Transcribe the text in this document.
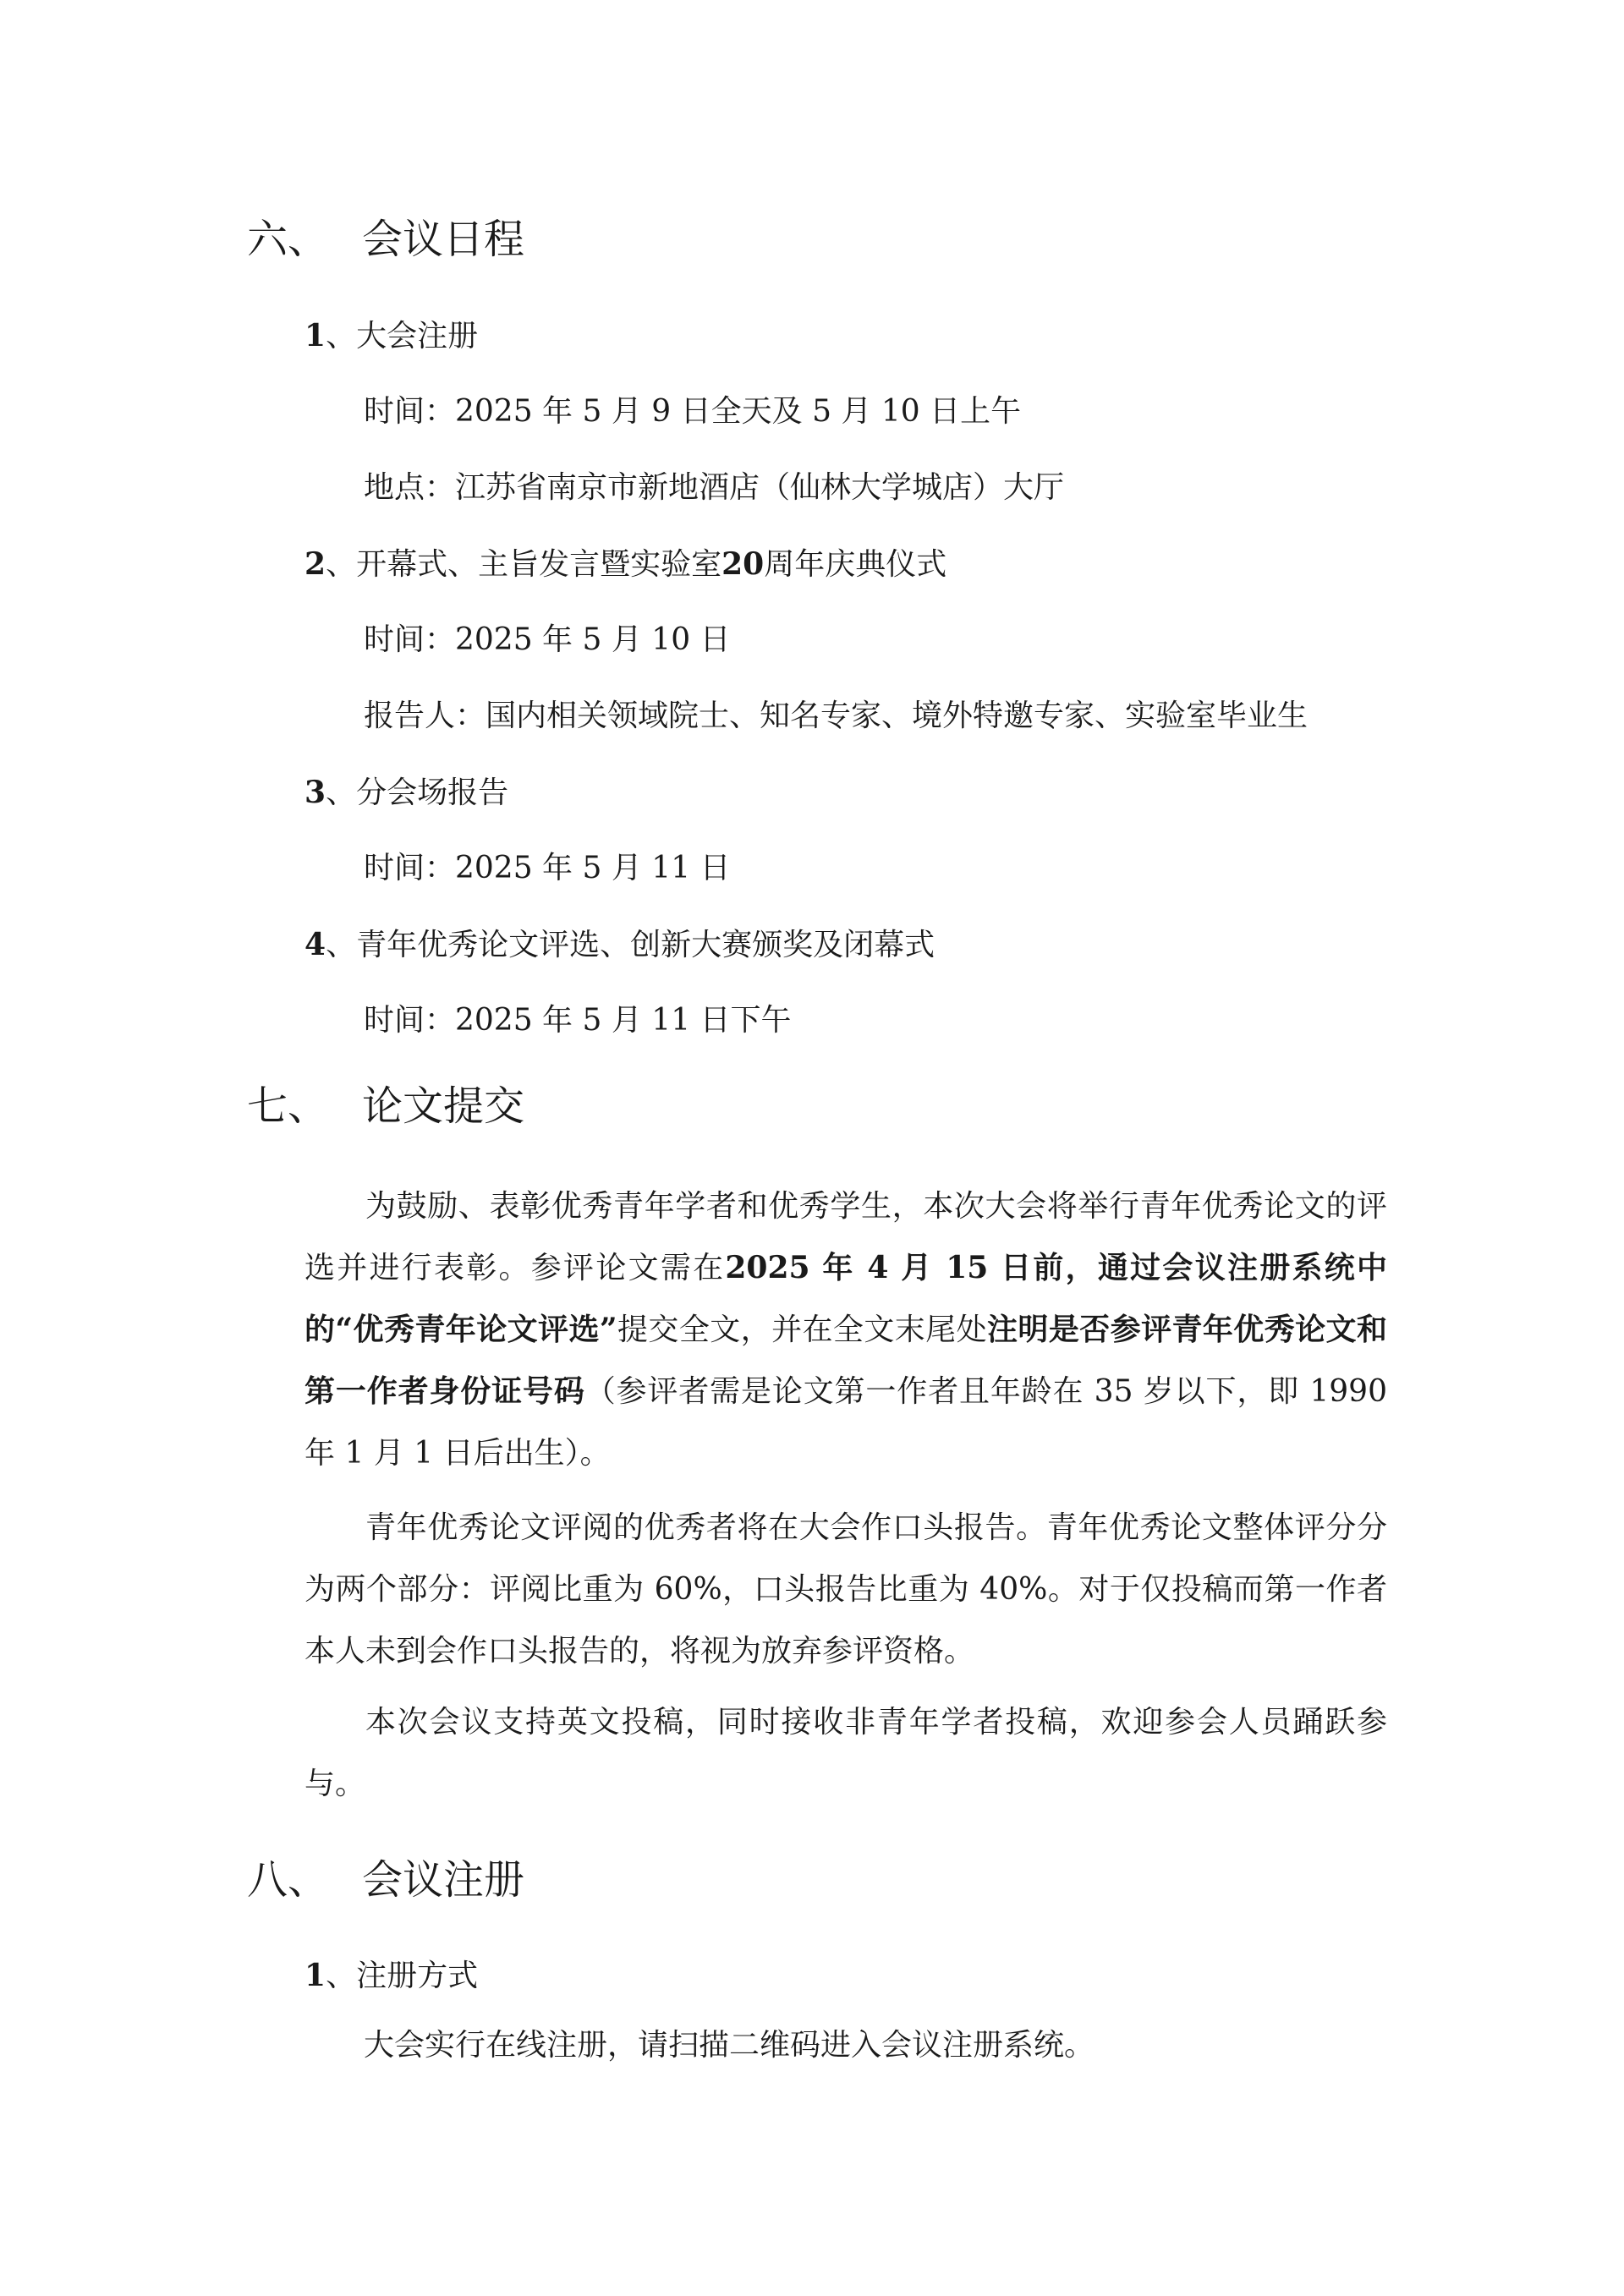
六、 会议日程
1、大会注册
时间：2025 年 5 月 9 日全天及 5 月 10 日上午
地点：江苏省南京市新地酒店（仙林大学城店）大厅
2、开幕式、主旨发言暨实验室20周年庆典仪式
时间：2025 年 5 月 10 日
报告人：国内相关领域院士、知名专家、境外特邀专家、实验室毕业生
3、分会场报告
时间：2025 年 5 月 11 日
4、青年优秀论文评选、创新大赛颁奖及闭幕式
时间：2025 年 5 月 11 日下午
七、 论文提交

为鼓励、表彰优秀青年学者和优秀学生，本次大会将举行青年优秀论文的评选并进行表彰。参评论文需在2025 年 4 月 15 日前，通过会议注册系统中的“优秀青年论文评选”提交全文，并在全文末尾处注明是否参评青年优秀论文和第一作者身份证号码（参评者需是论文第一作者且年龄在 35 岁以下，即 1990 年 1 月 1 日后出生）。

青年优秀论文评阅的优秀者将在大会作口头报告。青年优秀论文整体评分分为两个部分：评阅比重为 60%，口头报告比重为 40%。对于仅投稿而第一作者本人未到会作口头报告的，将视为放弃参评资格。

本次会议支持英文投稿，同时接收非青年学者投稿，欢迎参会人员踊跃参与。

八、 会议注册
1、注册方式
大会实行在线注册，请扫描二维码进入会议注册系统。
